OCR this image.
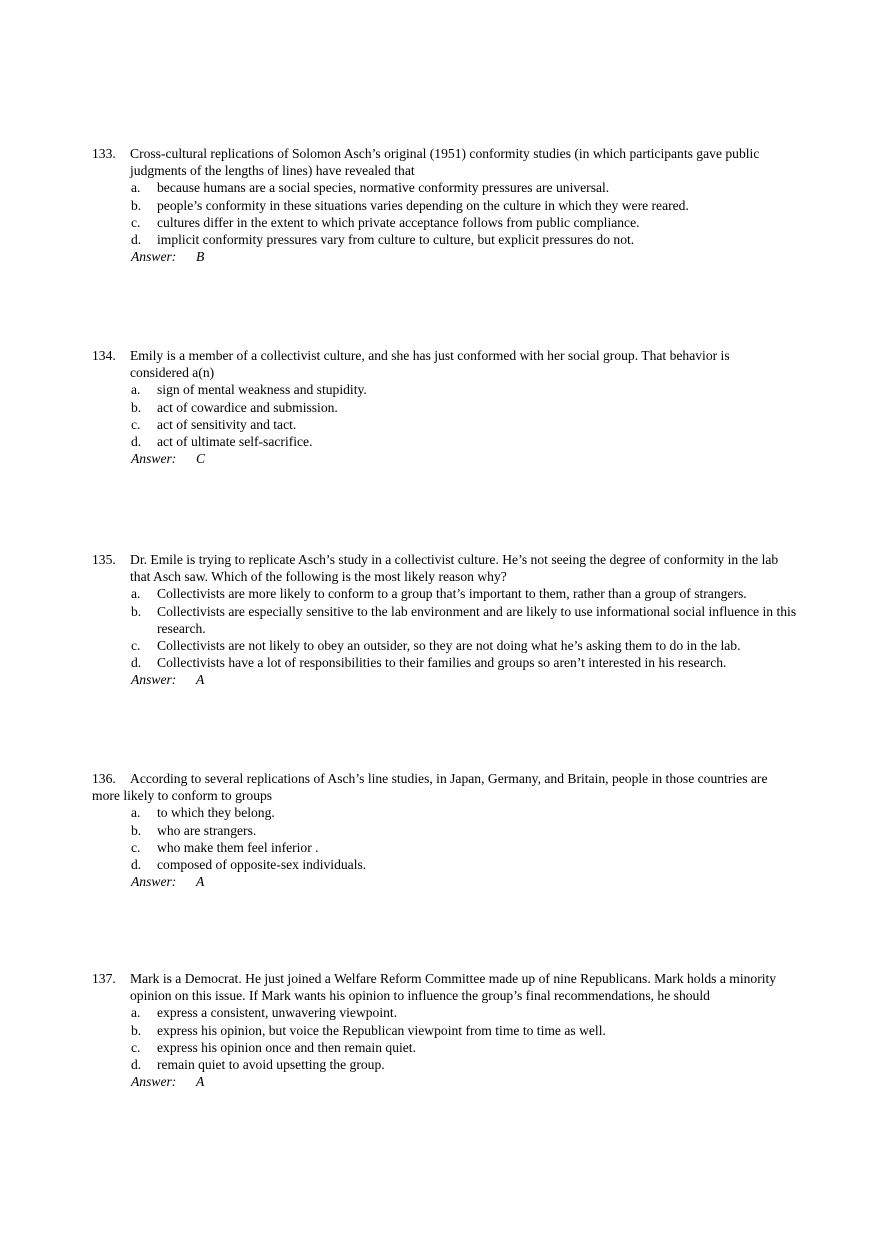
133. Cross-cultural replications of Solomon Asch’s original (1951) conformity studies (in which participants gave public judgments of the lengths of lines) have revealed that
a. because humans are a social species, normative conformity pressures are universal.
b. people’s conformity in these situations varies depending on the culture in which they were reared.
c. cultures differ in the extent to which private acceptance follows from public compliance.
d. implicit conformity pressures vary from culture to culture, but explicit pressures do not.
Answer: B
134. Emily is a member of a collectivist culture, and she has just conformed with her social group. That behavior is considered a(n)
a. sign of mental weakness and stupidity.
b. act of cowardice and submission.
c. act of sensitivity and tact.
d. act of ultimate self-sacrifice.
Answer: C
135. Dr. Emile is trying to replicate Asch’s study in a collectivist culture. He’s not seeing the degree of conformity in the lab that Asch saw. Which of the following is the most likely reason why?
a. Collectivists are more likely to conform to a group that’s important to them, rather than a group of strangers.
b. Collectivists are especially sensitive to the lab environment and are likely to use informational social influence in this research.
c. Collectivists are not likely to obey an outsider, so they are not doing what he’s asking them to do in the lab.
d. Collectivists have a lot of responsibilities to their families and groups so aren’t interested in his research.
Answer: A
136. According to several replications of Asch’s line studies, in Japan, Germany, and Britain, people in those countries are more likely to conform to groups
a. to which they belong.
b. who are strangers.
c. who make them feel inferior .
d. composed of opposite-sex individuals.
Answer: A
137. Mark is a Democrat. He just joined a Welfare Reform Committee made up of nine Republicans. Mark holds a minority opinion on this issue. If Mark wants his opinion to influence the group’s final recommendations, he should
a. express a consistent, unwavering viewpoint.
b. express his opinion, but voice the Republican viewpoint from time to time as well.
c. express his opinion once and then remain quiet.
d. remain quiet to avoid upsetting the group.
Answer: A
